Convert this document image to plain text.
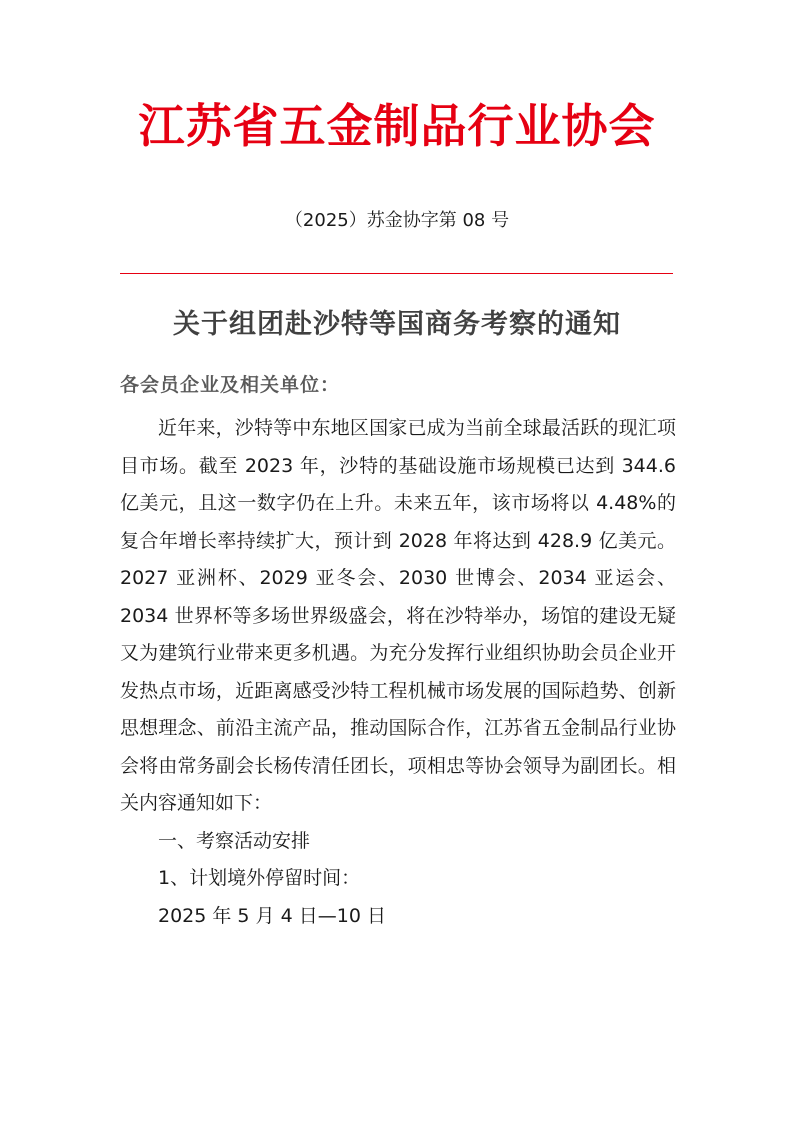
江苏省五金制品行业协会
（2025）苏金协字第 08 号
关于组团赴沙特等国商务考察的通知
各会员企业及相关单位：

近年来，沙特等中东地区国家已成为当前全球最活跃的现汇项目市场。截至 2023 年，沙特的基础设施市场规模已达到 344.6 亿美元，且这一数字仍在上升。未来五年，该市场将以 4.48%的复合年增长率持续扩大，预计到 2028 年将达到 428.9 亿美元。2027 亚洲杯、2029 亚冬会、2030 世博会、2034 亚运会、2034 世界杯等多场世界级盛会，将在沙特举办，场馆的建设无疑又为建筑行业带来更多机遇。为充分发挥行业组织协助会员企业开发热点市场，近距离感受沙特工程机械市场发展的国际趋势、创新思想理念、前沿主流产品，推动国际合作，江苏省五金制品行业协会将由常务副会长杨传清任团长，项相忠等协会领导为副团长。相关内容通知如下：

一、考察活动安排

1、计划境外停留时间：

2025 年 5 月 4 日—10 日
